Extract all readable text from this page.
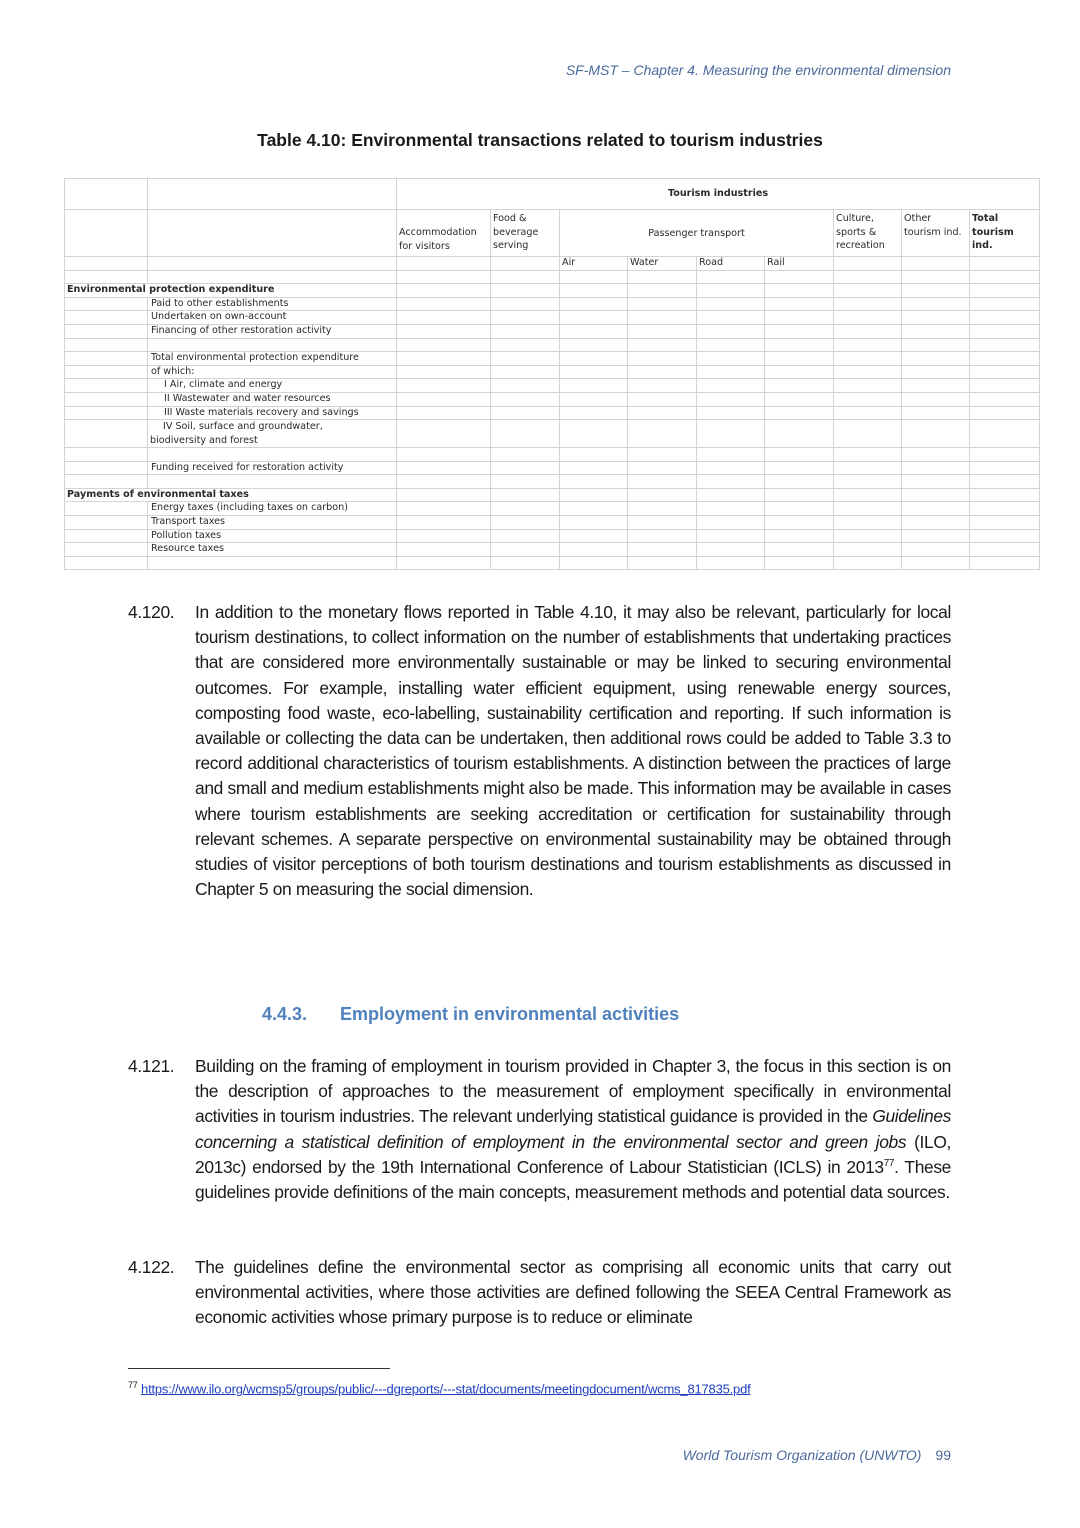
SF-MST – Chapter 4. Measuring the environmental dimension
Table 4.10: Environmental transactions related to tourism industries
		Tourism industries								
		Accommodation for visitors	Food & beverage serving	Passenger transport				Culture, sports & recreation	Other tourism ind.	Total tourism ind.
				Air	Water	Road	Rail			

Environmental protection expenditure										
	Paid to other establishments									
	Undertaken on own-account									
	Financing of other restoration activity									

	Total environmental protection expenditure									
	of which:									
	I Air, climate and energy									
	II Wastewater and water resources									
	III Waste materials recovery and savings									

	IV Soil, surface and groundwater,
biodiversity and forest									

	Funding received for restoration activity									

Payments of environmental taxes										
	Energy taxes (including taxes on carbon)									
	Transport taxes									
	Pollution taxes									
	Resource taxes									

4.120. In addition to the monetary flows reported in Table 4.10, it may also be relevant, particularly for local tourism destinations, to collect information on the number of establishments that undertaking practices that are considered more environmentally sustainable or may be linked to securing environmental outcomes. For example, installing water efficient equipment, using renewable energy sources, composting food waste, eco-labelling, sustainability certification and reporting. If such information is available or collecting the data can be undertaken, then additional rows could be added to Table 3.3 to record additional characteristics of tourism establishments. A distinction between the practices of large and small and medium establishments might also be made. This information may be available in cases where tourism establishments are seeking accreditation or certification for sustainability through relevant schemes. A separate perspective on environmental sustainability may be obtained through studies of visitor perceptions of both tourism destinations and tourism establishments as discussed in Chapter 5 on measuring the social dimension.
4.4.3. Employment in environmental activities
4.121. Building on the framing of employment in tourism provided in Chapter 3, the focus in this section is on the description of approaches to the measurement of employment specifically in environmental activities in tourism industries. The relevant underlying statistical guidance is provided in the Guidelines concerning a statistical definition of employment in the environmental sector and green jobs (ILO, 2013c) endorsed by the 19th International Conference of Labour Statistician (ICLS) in 2013$^{77}$. These guidelines provide definitions of the main concepts, measurement methods and potential data sources.
4.122. The guidelines define the environmental sector as comprising all economic units that carry out environmental activities, where those activities are defined following the SEEA Central Framework as economic activities whose primary purpose is to reduce or eliminate
$^{77}$ https://www.ilo.org/wcmsp5/groups/public/---dgreports/---stat/documents/meetingdocument/wcms_817835.pdf
World Tourism Organization (UNWTO) 99
